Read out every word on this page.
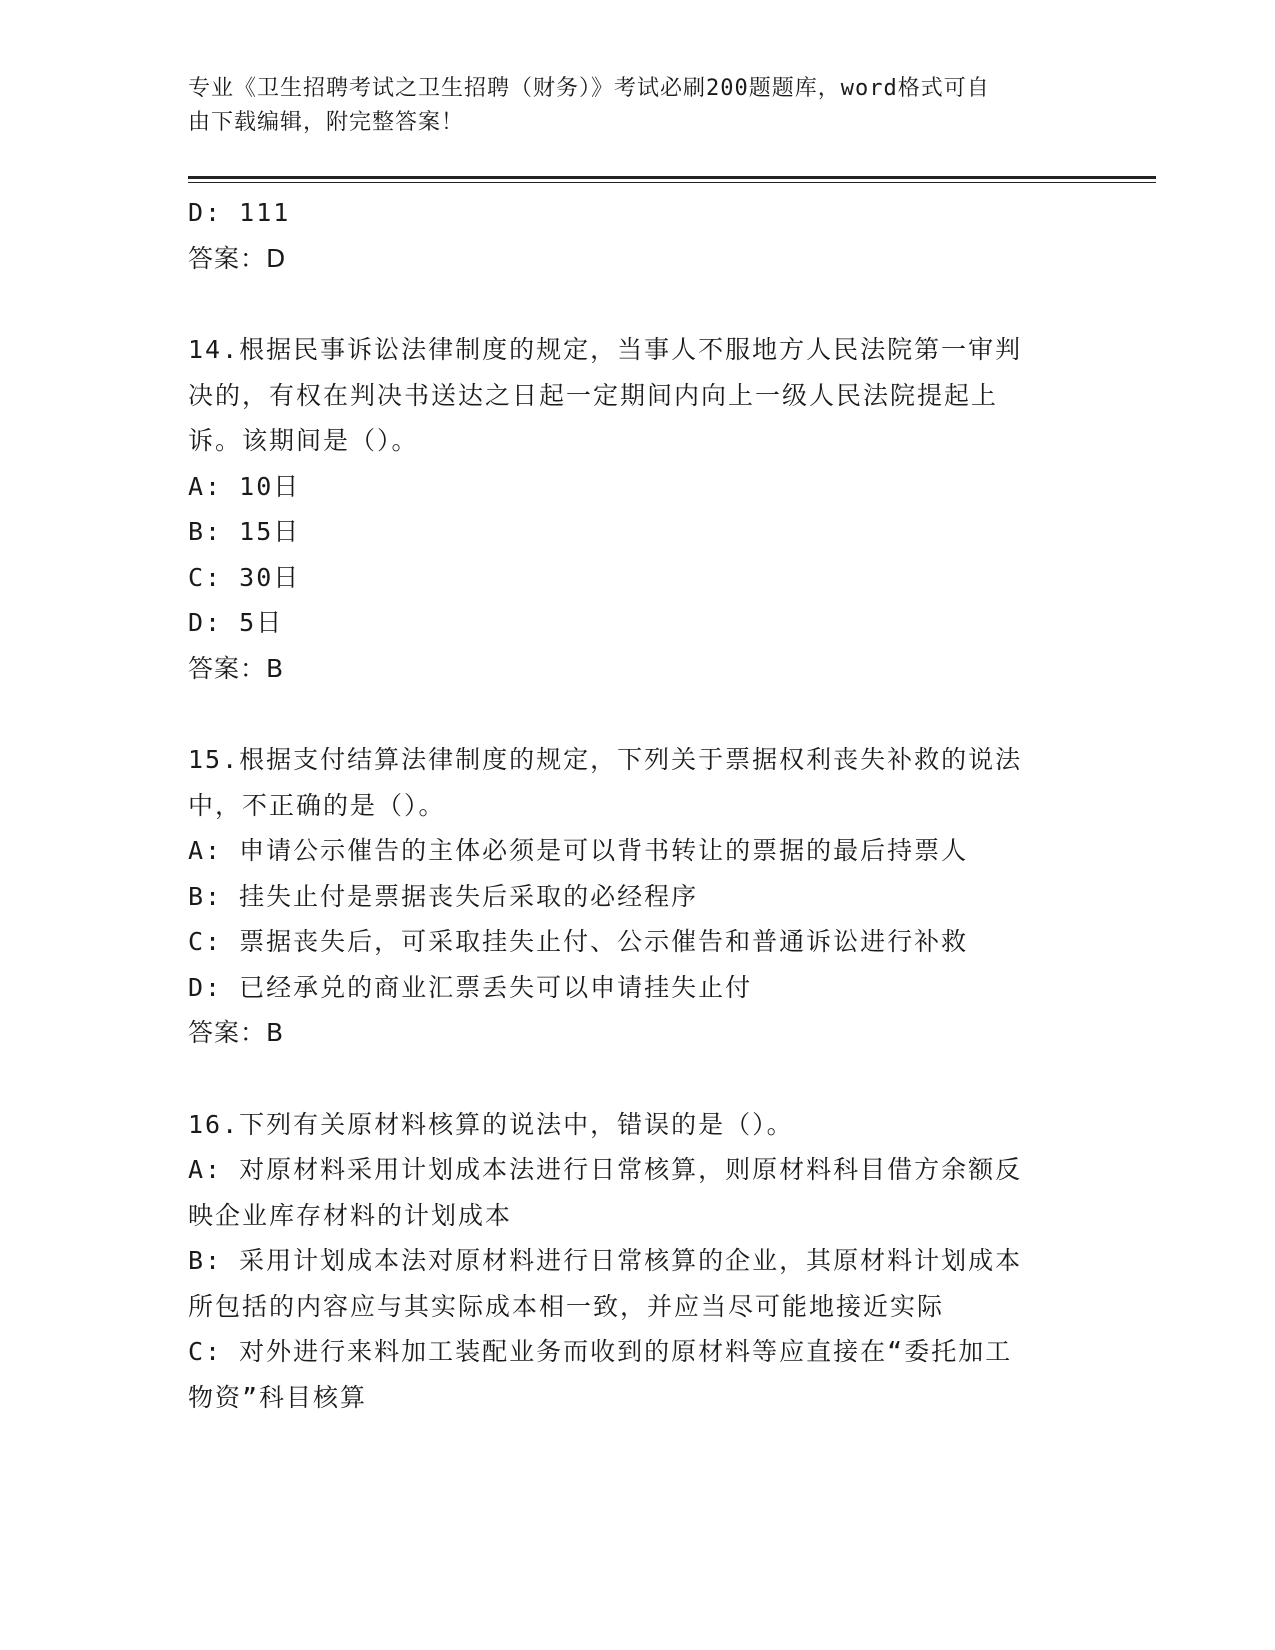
专业《卫生招聘考试之卫生招聘（财务）》考试必刷200题题库，word格式可自
由下载编辑，附完整答案！
D: 111
答案：D
14.根据民事诉讼法律制度的规定，当事人不服地方人民法院第一审判
决的，有权在判决书送达之日起一定期间内向上一级人民法院提起上
诉。该期间是（）。
A: 10日
B: 15日
C: 30日
D: 5日
答案：B
15.根据支付结算法律制度的规定，下列关于票据权利丧失补救的说法
中，不正确的是（）。
A: 申请公示催告的主体必须是可以背书转让的票据的最后持票人
B: 挂失止付是票据丧失后采取的必经程序
C: 票据丧失后，可采取挂失止付、公示催告和普通诉讼进行补救
D: 已经承兑的商业汇票丢失可以申请挂失止付
答案：B
16.下列有关原材料核算的说法中，错误的是（）。
A: 对原材料采用计划成本法进行日常核算，则原材料科目借方余额反
映企业库存材料的计划成本
B: 采用计划成本法对原材料进行日常核算的企业，其原材料计划成本
所包括的内容应与其实际成本相一致，并应当尽可能地接近实际
C: 对外进行来料加工装配业务而收到的原材料等应直接在“委托加工
物资”科目核算
